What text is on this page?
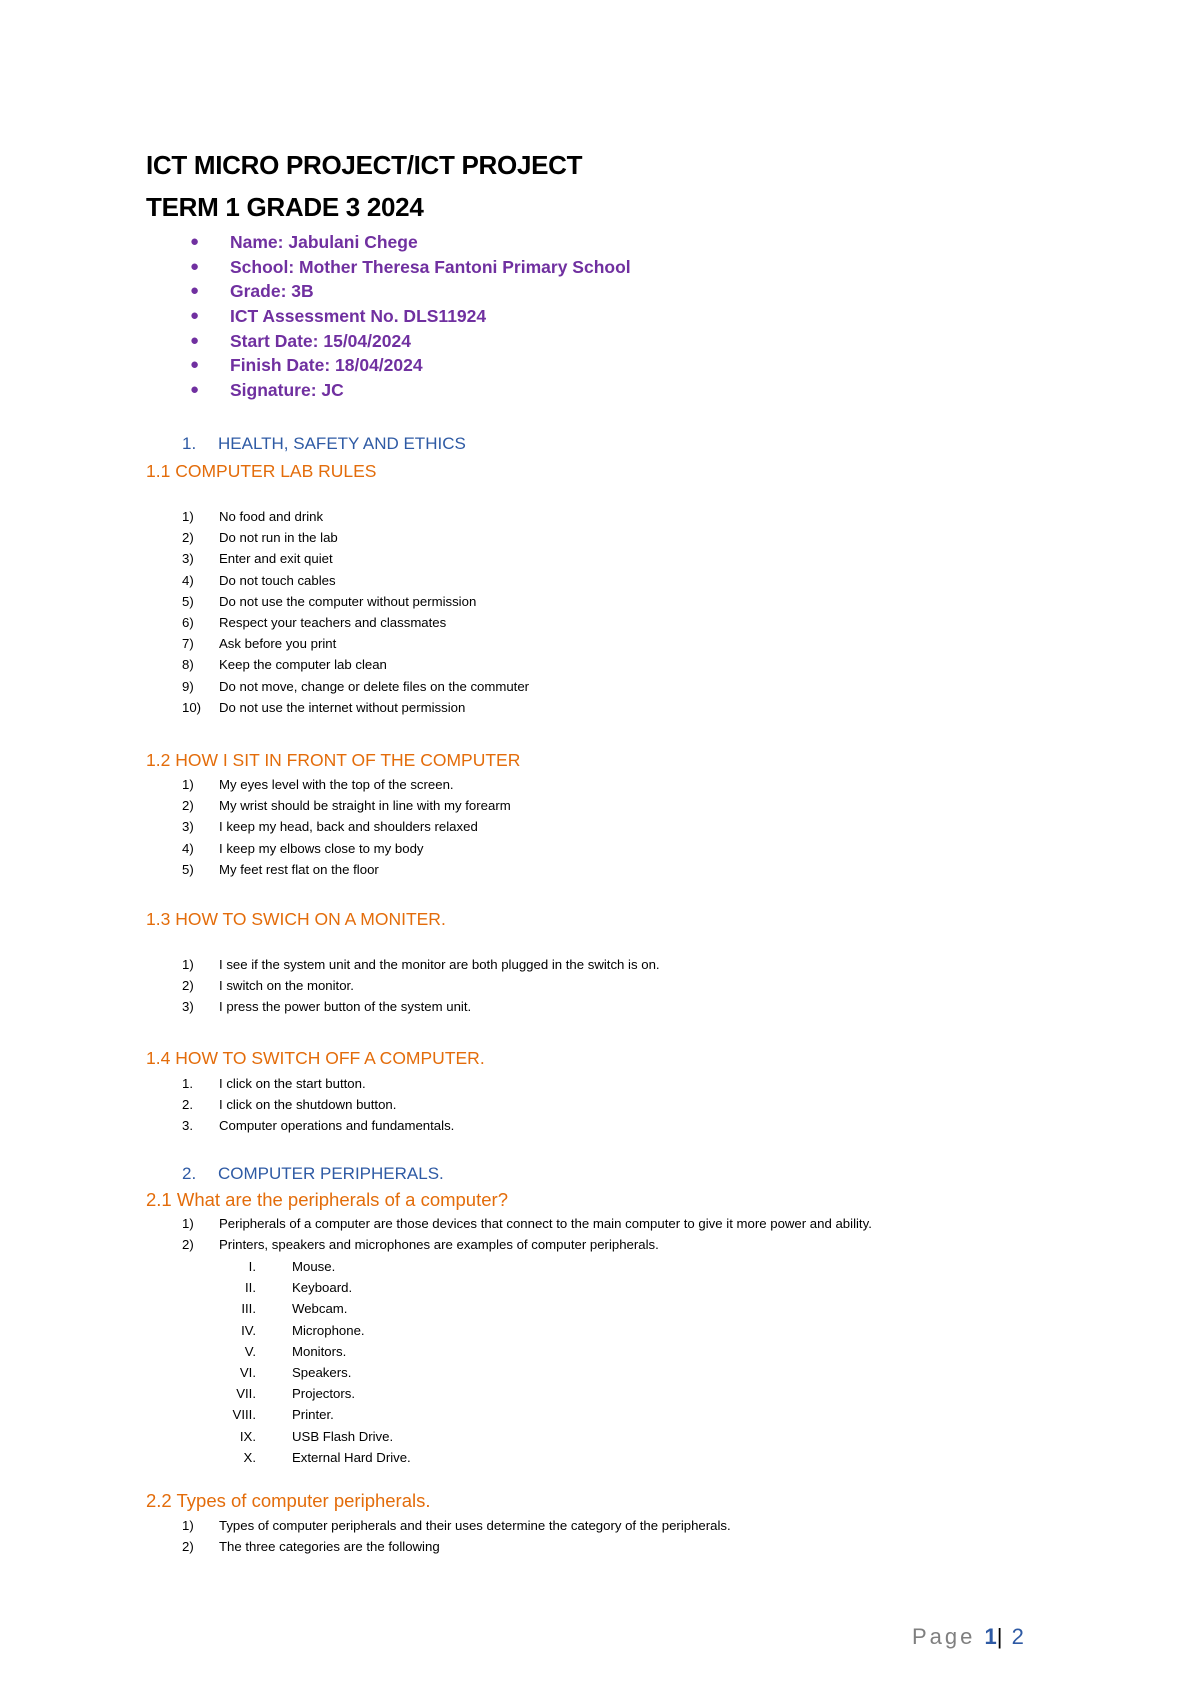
ICT MICRO PROJECT/ICT PROJECT
TERM 1 GRADE 3 2024
● Name: Jabulani Chege
● School: Mother Theresa Fantoni Primary School
● Grade: 3B
● ICT Assessment No. DLS11924
● Start Date: 15/04/2024
● Finish Date: 18/04/2024
● Signature: JC
1. HEALTH, SAFETY AND ETHICS
1.1 COMPUTER LAB RULES
1)	No food and drink
2)	Do not run in the lab
3)	Enter and exit quiet
4)	Do not touch cables
5)	Do not use the computer without permission
6)	Respect your teachers and classmates
7)	Ask before you print
8)	Keep the computer lab clean
9)	Do not move, change or delete files on the commuter
10)	Do not use the internet without permission
1.2 HOW I SIT IN FRONT OF THE COMPUTER
1)	My eyes level with the top of the screen.
2)	My wrist should be straight in line with my forearm
3)	I keep my head, back and shoulders relaxed
4)	I keep my elbows close to my body
5)	My feet rest flat on the floor
1.3 HOW TO SWICH ON A MONITER.
1)	I see if the system unit and the monitor are both plugged in the switch is on.
2)	I switch on the monitor.
3)	I press the power button of the system unit.
1.4 HOW TO SWITCH OFF A COMPUTER.
1.	I click on the start button.
2.	I click on the shutdown button.
3.	Computer operations and fundamentals.
2. COMPUTER PERIPHERALS.
2.1 What are the peripherals of a computer?
1)	Peripherals of a computer are those devices that connect to the main computer to give it more power and ability.
2)	Printers, speakers and microphones are examples of computer peripherals.
I.	Mouse.
II.	Keyboard.
III.	Webcam.
IV.	Microphone.
V.	Monitors.
VI.	Speakers.
VII.	Projectors.
VIII.	Printer.
IX.	USB Flash Drive.
X.	External Hard Drive.
2.2 Types of computer peripherals.
1)	Types of computer peripherals and their uses determine the category of the peripherals.
2)	The three categories are the following
Page 1| 2
